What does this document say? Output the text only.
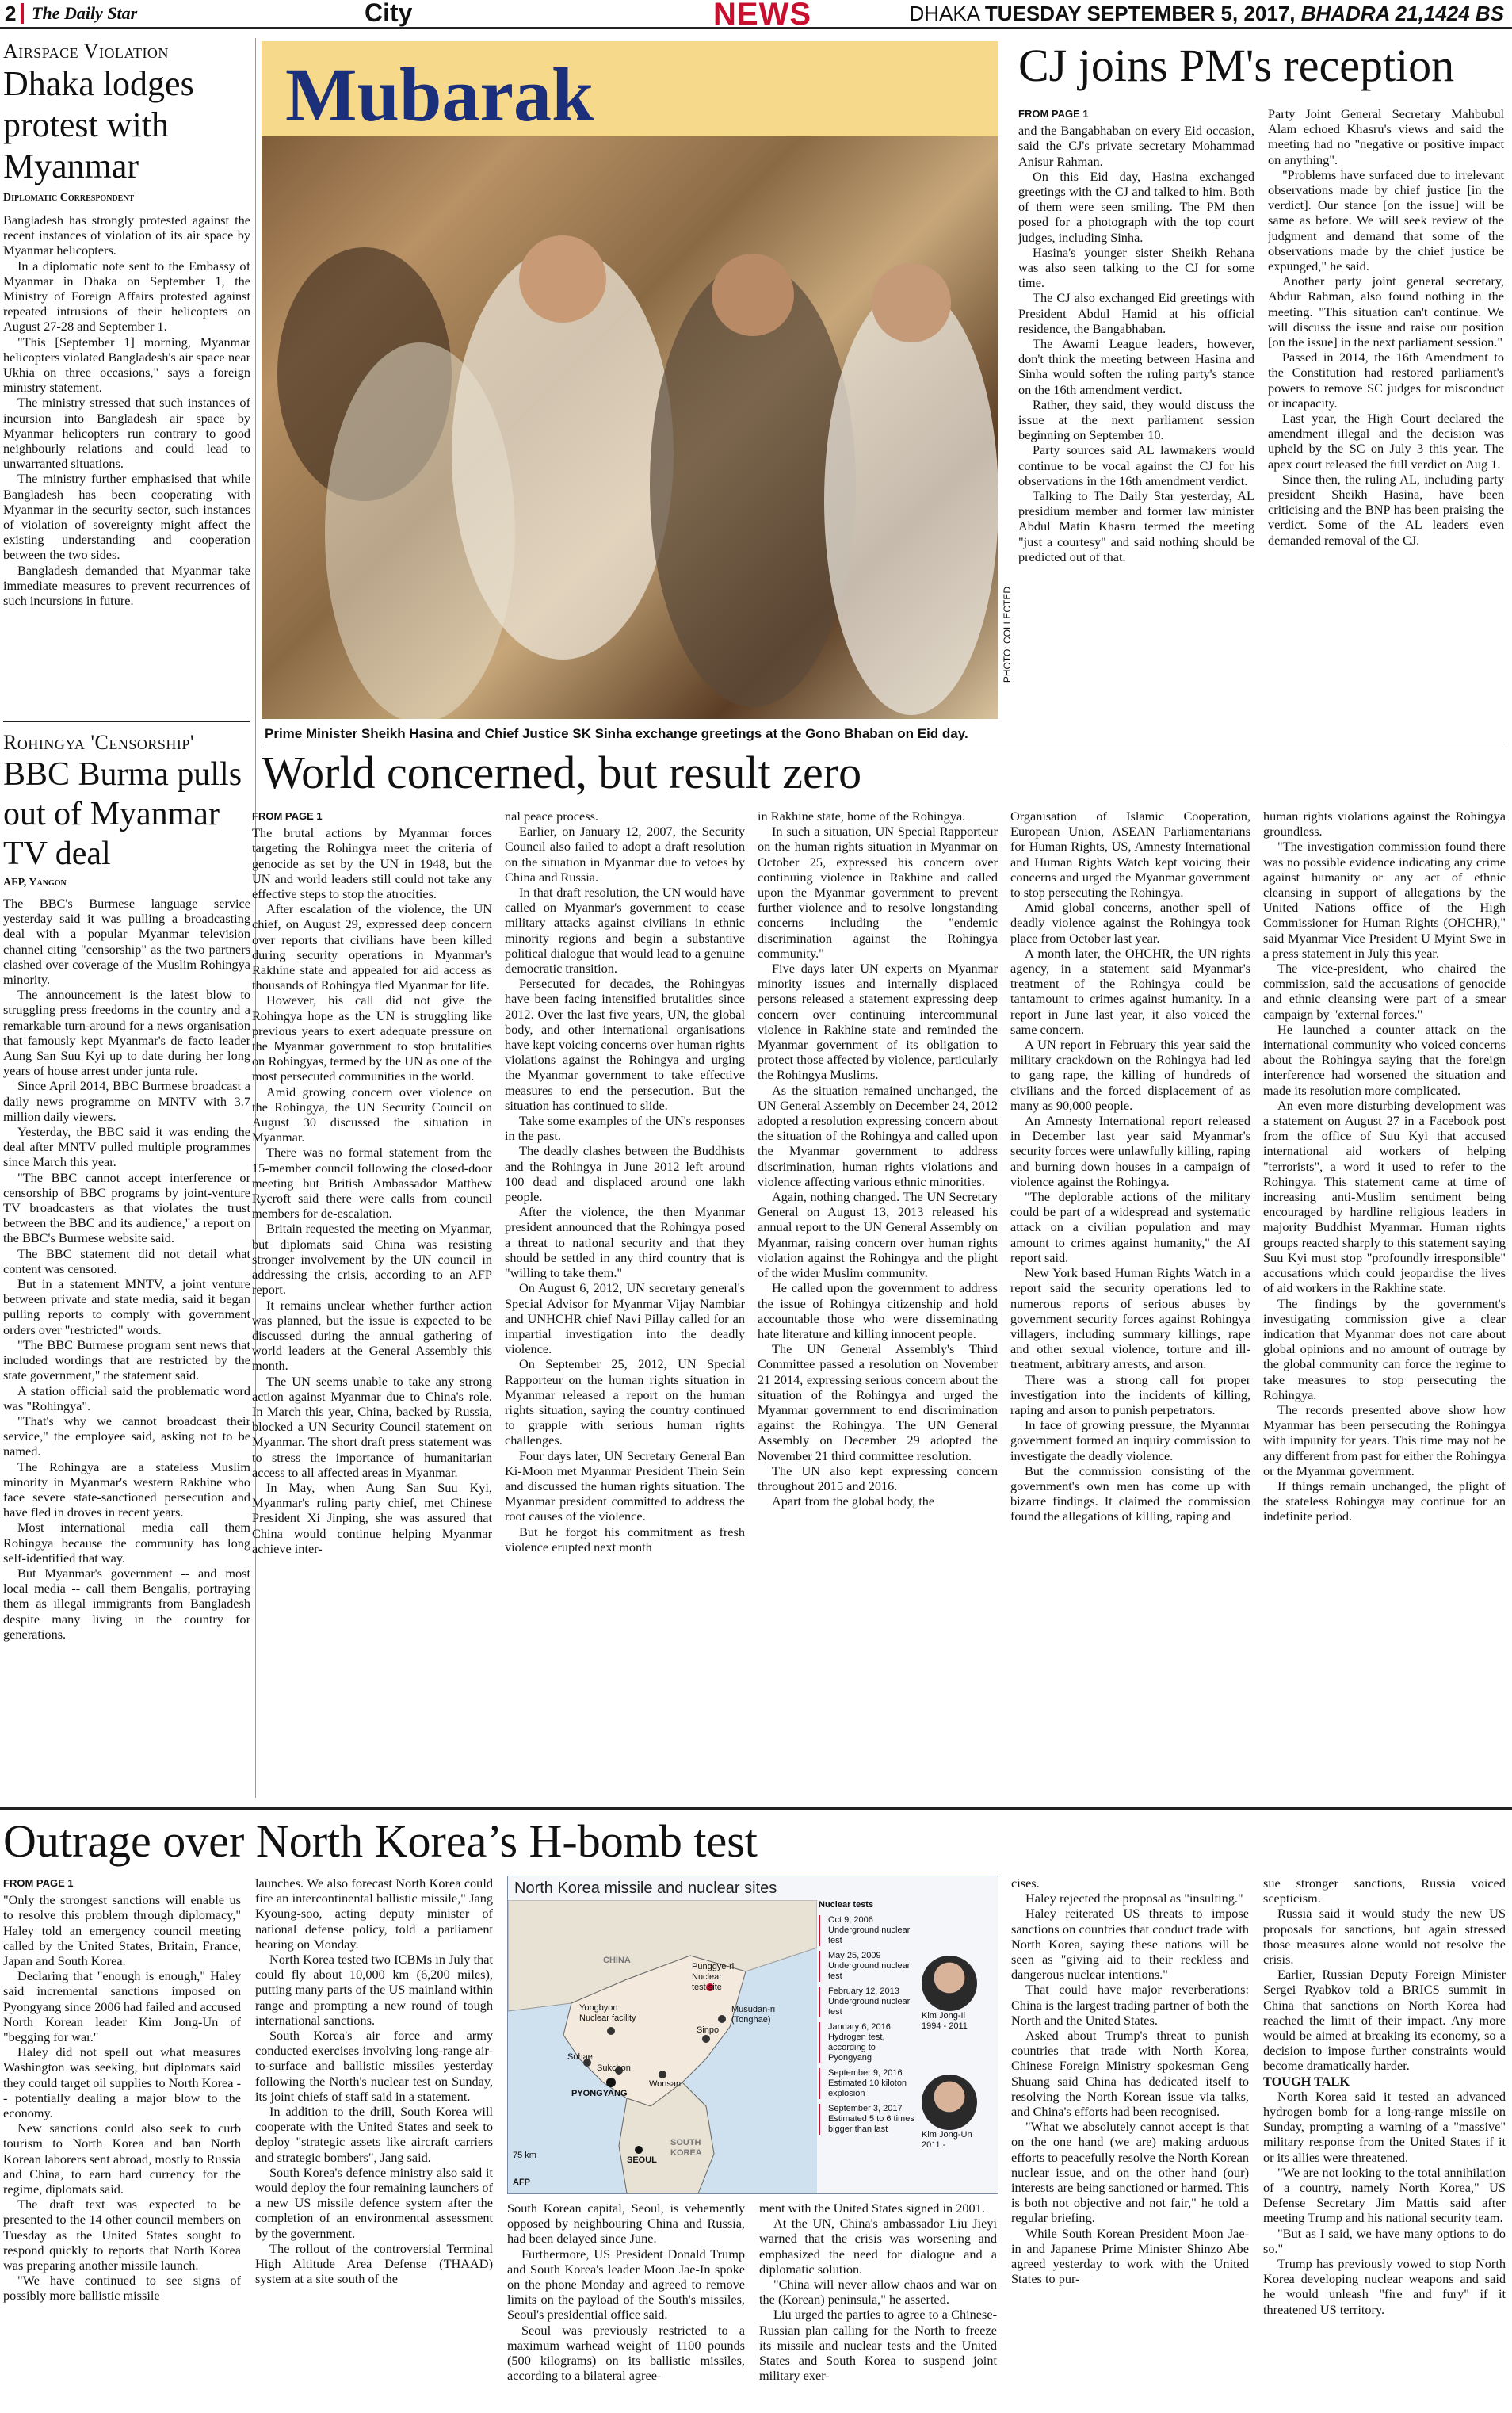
2 The Daily Star	City	NEWS	DHAKA TUESDAY SEPTEMBER 5, 2017, BHADRA 21,1424 BS
Airspace Violation
Dhaka lodges protest with Myanmar
Diplomatic Correspondent

Bangladesh has strongly protested against the recent instances of violation of its air space by Myanmar helicopters.

In a diplomatic note sent to the Embassy of Myanmar in Dhaka on September 1, the Ministry of Foreign Affairs protested against repeated intrusions of their helicopters on August 27-28 and September 1.

"This [September 1] morning, Myanmar helicopters violated Bangladesh's air space near Ukhia on three occasions," says a foreign ministry statement.

The ministry stressed that such instances of incursion into Bangladesh air space by Myanmar helicopters run contrary to good neighbourly relations and could lead to unwarranted situations.

The ministry further emphasised that while Bangladesh has been cooperating with Myanmar in the security sector, such instances of violation of sovereignty might affect the existing understanding and cooperation between the two sides.

Bangladesh demanded that Myanmar take immediate measures to prevent recurrences of such incursions in future.

Rohingya 'Censorship'
BBC Burma pulls out of Myanmar TV deal
AFP, Yangon

The BBC's Burmese language service yesterday said it was pulling a broadcasting deal with a popular Myanmar television channel citing "censorship" as the two partners clashed over coverage of the Muslim Rohingya minority.

The announcement is the latest blow to struggling press freedoms in the country and a remarkable turn-around for a news organisation that famously kept Myanmar's de facto leader Aung San Suu Kyi up to date during her long years of house arrest under junta rule.

Since April 2014, BBC Burmese broadcast a daily news programme on MNTV with 3.7 million daily viewers.

Yesterday, the BBC said it was ending the deal after MNTV pulled multiple programmes since March this year.

"The BBC cannot accept interference or censorship of BBC programs by joint-venture TV broadcasters as that violates the trust between the BBC and its audience," a report on the BBC's Burmese website said.

The BBC statement did not detail what content was censored.

But in a statement MNTV, a joint venture between private and state media, said it began pulling reports to comply with government orders over "restricted" words.

"The BBC Burmese program sent news that included wordings that are restricted by the state government," the statement said.

A station official said the problematic word was "Rohingya".

"That's why we cannot broadcast their service," the employee said, asking not to be named.

The Rohingya are a stateless Muslim minority in Myanmar's western Rakhine who face severe state-sanctioned persecution and have fled in droves in recent years.

Most international media call them Rohingya because the community has long self-identified that way.

But Myanmar's government -- and most local media -- call them Bengalis, portraying them as illegal immigrants from Bangladesh despite many living in the country for generations.

Mubarak
PHOTO: COLLECTED
Prime Minister Sheikh Hasina and Chief Justice SK Sinha exchange greetings at the Gono Bhaban on Eid day.
CJ joins PM's reception
FROM PAGE 1

and the Bangabhaban on every Eid occasion, said the CJ's private secretary Mohammad Anisur Rahman.

On this Eid day, Hasina exchanged greetings with the CJ and talked to him. Both of them were seen smiling. The PM then posed for a photograph with the top court judges, including Sinha.

Hasina's younger sister Sheikh Rehana was also seen talking to the CJ for some time.

The CJ also exchanged Eid greetings with President Abdul Hamid at his official residence, the Bangabhaban.

The Awami League leaders, however, don't think the meeting between Hasina and Sinha would soften the ruling party's stance on the 16th amendment verdict.

Rather, they said, they would discuss the issue at the next parliament session beginning on September 10.

Party sources said AL lawmakers would continue to be vocal against the CJ for his observations in the 16th amendment verdict.

Talking to The Daily Star yesterday, AL presidium member and former law minister Abdul Matin Khasru termed the meeting "just a courtesy" and said nothing should be predicted out of that.

Party Joint General Secretary Mahbubul Alam echoed Khasru's views and said the meeting had no "negative or positive impact on anything".

"Problems have surfaced due to irrelevant observations made by chief justice [in the verdict]. Our stance [on the issue] will be same as before. We will seek review of the judgment and demand that some of the observations made by the chief justice be expunged," he said.

Another party joint general secretary, Abdur Rahman, also found nothing in the meeting. "This situation can't continue. We will discuss the issue and raise our position [on the issue] in the next parliament session."

Passed in 2014, the 16th Amendment to the Constitution had restored parliament's powers to remove SC judges for misconduct or incapacity.

Last year, the High Court declared the amendment illegal and the decision was upheld by the SC on July 3 this year. The apex court released the full verdict on Aug 1.

Since then, the ruling AL, including party president Sheikh Hasina, have been criticising and the BNP has been praising the verdict. Some of the AL leaders even demanded removal of the CJ.

World concerned, but result zero
FROM PAGE 1

The brutal actions by Myanmar forces targeting the Rohingya meet the criteria of genocide as set by the UN in 1948, but the UN and world leaders still could not take any effective steps to stop the atrocities.

After escalation of the violence, the UN chief, on August 29, expressed deep concern over reports that civilians have been killed during security operations in Myanmar's Rakhine state and appealed for aid access as thousands of Rohingya fled Myanmar for life.

However, his call did not give the Rohingya hope as the UN is struggling like previous years to exert adequate pressure on the Myanmar government to stop brutalities on Rohingyas, termed by the UN as one of the most persecuted communities in the world.

Amid growing concern over violence on the Rohingya, the UN Security Council on August 30 discussed the situation in Myanmar.

There was no formal statement from the 15-member council following the closed-door meeting but British Ambassador Matthew Rycroft said there were calls from council members for de-escalation.

Britain requested the meeting on Myanmar, but diplomats said China was resisting stronger involvement by the UN council in addressing the crisis, according to an AFP report.

It remains unclear whether further action was planned, but the issue is expected to be discussed during the annual gathering of world leaders at the General Assembly this month.

The UN seems unable to take any strong action against Myanmar due to China's role. In March this year, China, backed by Russia, blocked a UN Security Council statement on Myanmar. The short draft press statement was to stress the importance of humanitarian access to all affected areas in Myanmar.

In May, when Aung San Suu Kyi, Myanmar's ruling party chief, met Chinese President Xi Jinping, she was assured that China would continue helping Myanmar achieve inter-

nal peace process.

Earlier, on January 12, 2007, the Security Council also failed to adopt a draft resolution on the situation in Myanmar due to vetoes by China and Russia.

In that draft resolution, the UN would have called on Myanmar's government to cease military attacks against civilians in ethnic minority regions and begin a substantive political dialogue that would lead to a genuine democratic transition.

Persecuted for decades, the Rohingyas have been facing intensified brutalities since 2012. Over the last five years, UN, the global body, and other international organisations have kept voicing concerns over human rights violations against the Rohingya and urging the Myanmar government to take effective measures to end the persecution. But the situation has continued to slide.

Take some examples of the UN's responses in the past.

The deadly clashes between the Buddhists and the Rohingya in June 2012 left around 100 dead and displaced around one lakh people.

After the violence, the then Myanmar president announced that the Rohingya posed a threat to national security and that they should be settled in any third country that is "willing to take them."

On August 6, 2012, UN secretary general's Special Advisor for Myanmar Vijay Nambiar and UNHCHR chief Navi Pillay called for an impartial investigation into the deadly violence.

On September 25, 2012, UN Special Rapporteur on the human rights situation in Myanmar released a report on the human rights situation, saying the country continued to grapple with serious human rights challenges.

Four days later, UN Secretary General Ban Ki-Moon met Myanmar President Thein Sein and discussed the human rights situation. The Myanmar president committed to address the root causes of the violence.

But he forgot his commitment as fresh violence erupted next month

in Rakhine state, home of the Rohingya.

In such a situation, UN Special Rapporteur on the human rights situation in Myanmar on October 25, expressed his concern over continuing violence in Rakhine and called upon the Myanmar government to prevent further violence and to resolve longstanding concerns including the "endemic discrimination against the Rohingya community."

Five days later UN experts on Myanmar minority issues and internally displaced persons released a statement expressing deep concern over continuing intercommunal violence in Rakhine state and reminded the Myanmar government of its obligation to protect those affected by violence, particularly the Rohingya Muslims.

As the situation remained unchanged, the UN General Assembly on December 24, 2012 adopted a resolution expressing concern about the situation of the Rohingya and called upon the Myanmar government to address discrimination, human rights violations and violence affecting various ethnic minorities.

Again, nothing changed. The UN Secretary General on August 13, 2013 released his annual report to the UN General Assembly on Myanmar, raising concern over human rights violation against the Rohingya and the plight of the wider Muslim community.

He called upon the government to address the issue of Rohingya citizenship and hold accountable those who were disseminating hate literature and killing innocent people.

The UN General Assembly's Third Committee passed a resolution on November 21 2014, expressing serious concern about the situation of the Rohingya and urged the Myanmar government to end discrimination against the Rohingya. The UN General Assembly on December 29 adopted the November 21 third committee resolution.

The UN also kept expressing concern throughout 2015 and 2016.

Apart from the global body, the

Organisation of Islamic Cooperation, European Union, ASEAN Parliamentarians for Human Rights, US, Amnesty International and Human Rights Watch kept voicing their concerns and urged the Myanmar government to stop persecuting the Rohingya.

Amid global concerns, another spell of deadly violence against the Rohingya took place from October last year.

A month later, the OHCHR, the UN rights agency, in a statement said Myanmar's treatment of the Rohingya could be tantamount to crimes against humanity. In a report in June last year, it also voiced the same concern.

A UN report in February this year said the military crackdown on the Rohingya had led to gang rape, the killing of hundreds of civilians and the forced displacement of as many as 90,000 people.

An Amnesty International report released in December last year said Myanmar's security forces were unlawfully killing, raping and burning down houses in a campaign of violence against the Rohingya.

"The deplorable actions of the military could be part of a widespread and systematic attack on a civilian population and may amount to crimes against humanity," the AI report said.

New York based Human Rights Watch in a report said the security operations led to numerous reports of serious abuses by government security forces against Rohingya villagers, including summary killings, rape and other sexual violence, torture and ill-treatment, arbitrary arrests, and arson.

There was a strong call for proper investigation into the incidents of killing, raping and arson to punish perpetrators.

In face of growing pressure, the Myanmar government formed an inquiry commission to investigate the deadly violence.

But the commission consisting of the government's own men has come up with bizarre findings. It claimed the commission found the allegations of killing, raping and

human rights violations against the Rohingya groundless.

"The investigation commission found there was no possible evidence indicating any crime against humanity or any act of ethnic cleansing in support of allegations by the United Nations office of the High Commissioner for Human Rights (OHCHR)," said Myanmar Vice President U Myint Swe in a press statement in July this year.

The vice-president, who chaired the commission, said the accusations of genocide and ethnic cleansing were part of a smear campaign by "external forces."

He launched a counter attack on the international community who voiced concerns about the Rohingya saying that the foreign interference had worsened the situation and made its resolution more complicated.

An even more disturbing development was a statement on August 27 in a Facebook post from the office of Suu Kyi that accused international aid workers of helping "terrorists", a word it used to refer to the Rohingya. This statement came at time of increasing anti-Muslim sentiment being encouraged by hardline religious leaders in majority Buddhist Myanmar. Human rights groups reacted sharply to this statement saying Suu Kyi must stop "profoundly irresponsible" accusations which could jeopardise the lives of aid workers in the Rakhine state.

The findings by the government's investigating commission give a clear indication that Myanmar does not care about global opinions and no amount of outrage by the global community can force the regime to take measures to stop persecuting the Rohingya.

The records presented above show how Myanmar has been persecuting the Rohingya with impunity for years. This time may not be any different from past for either the Rohingya or the Myanmar government.

If things remain unchanged, the plight of the stateless Rohingya may continue for an indefinite period.

Outrage over North Korea’s H-bomb test
FROM PAGE 1

"Only the strongest sanctions will enable us to resolve this problem through diplomacy," Haley told an emergency council meeting called by the United States, Britain, France, Japan and South Korea.

Declaring that "enough is enough," Haley said incremental sanctions imposed on Pyongyang since 2006 had failed and accused North Korean leader Kim Jong-Un of "begging for war."

Haley did not spell out what measures Washington was seeking, but diplomats said they could target oil supplies to North Korea -- potentially dealing a major blow to the economy.

New sanctions could also seek to curb tourism to North Korea and ban North Korean laborers sent abroad, mostly to Russia and China, to earn hard currency for the regime, diplomats said.

The draft text was expected to be presented to the 14 other council members on Tuesday as the United States sought to respond quickly to reports that North Korea was preparing another missile launch.

"We have continued to see signs of possibly more ballistic missile

launches. We also forecast North Korea could fire an intercontinental ballistic missile," Jang Kyoung-soo, acting deputy minister of national defense policy, told a parliament hearing on Monday.

North Korea tested two ICBMs in July that could fly about 10,000 km (6,200 miles), putting many parts of the US mainland within range and prompting a new round of tough international sanctions.

South Korea's air force and army conducted exercises involving long-range air-to-surface and ballistic missiles yesterday following the North's nuclear test on Sunday, its joint chiefs of staff said in a statement.

In addition to the drill, South Korea will cooperate with the United States and seek to deploy "strategic assets like aircraft carriers and strategic bombers", Jang said.

South Korea's defence ministry also said it would deploy the four remaining launchers of a new US missile defence system after the completion of an environmental assessment by the government.

The rollout of the controversial Terminal High Altitude Area Defense (THAAD) system at a site south of the

South Korean capital, Seoul, is vehemently opposed by neighbouring China and Russia, had been delayed since June.

Furthermore, US President Donald Trump and South Korea's leader Moon Jae-In spoke on the phone Monday and agreed to remove limits on the payload of the South's missiles, Seoul's presidential office said.

Seoul was previously restricted to a maximum warhead weight of 1100 pounds (500 kilograms) on its ballistic missiles, according to a bilateral agree-

ment with the United States signed in 2001.

At the UN, China's ambassador Liu Jieyi warned that the crisis was worsening and emphasized the need for dialogue and a diplomatic solution.

"China will never allow chaos and war on the (Korean) peninsula," he asserted.

Liu urged the parties to agree to a Chinese-Russian plan calling for the North to freeze its missile and nuclear tests and the United States and South Korea to suspend joint military exer-

cises.

Haley rejected the proposal as "insulting."

Haley reiterated US threats to impose sanctions on countries that conduct trade with North Korea, saying these nations will be seen as "giving aid to their reckless and dangerous nuclear intentions."

That could have major reverberations: China is the largest trading partner of both the North and the United States.

Asked about Trump's threat to punish countries that trade with North Korea, Chinese Foreign Ministry spokesman Geng Shuang said China has dedicated itself to resolving the North Korean issue via talks, and China's efforts had been recognised.

"What we absolutely cannot accept is that on the one hand (we are) making arduous efforts to peacefully resolve the North Korean nuclear issue, and on the other hand (our) interests are being sanctioned or harmed. This is both not objective and not fair," he told a regular briefing.

While South Korean President Moon Jae-in and Japanese Prime Minister Shinzo Abe agreed yesterday to work with the United States to pur-

sue stronger sanctions, Russia voiced scepticism.

Russia said it would study the new US proposals for sanctions, but again stressed those measures alone would not resolve the crisis.

Earlier, Russian Deputy Foreign Minister Sergei Ryabkov told a BRICS summit in China that sanctions on North Korea had reached the limit of their impact. Any more would be aimed at breaking its economy, so a decision to impose further constraints would become dramatically harder.

TOUGH TALK

North Korea said it tested an advanced hydrogen bomb for a long-range missile on Sunday, prompting a warning of a "massive" military response from the United States if it or its allies were threatened.

"We are not looking to the total annihilation of a country, namely North Korea," US Defense Secretary Jim Mattis said after meeting Trump and his national security team.

"But as I said, we have many options to do so."

Trump has previously vowed to stop North Korea developing nuclear weapons and said he would unleash "fire and fury" if it threatened US territory.

North Korea missile and nuclear sites
CHINA
Punggye-ri
Nuclear
test site
Yongbyon
Nuclear facility
Sinpo
Musudan-ri
(Tonghae)
Sohae
Sukchon
PYONGYANG
Wonsan
SOUTH
KOREA
SEOUL
75 km
AFP
Nuclear tests
Oct 9, 2006
Underground nuclear test
May 25, 2009
Underground nuclear test
February 12, 2013
Underground nuclear test
January 6, 2016
Hydrogen test, according to Pyongyang
September 9, 2016
Estimated 10 kiloton explosion
September 3, 2017
Estimated 5 to 6 times bigger than last
Kim Jong-Il
1994 - 2011
Kim Jong-Un
2011 -
